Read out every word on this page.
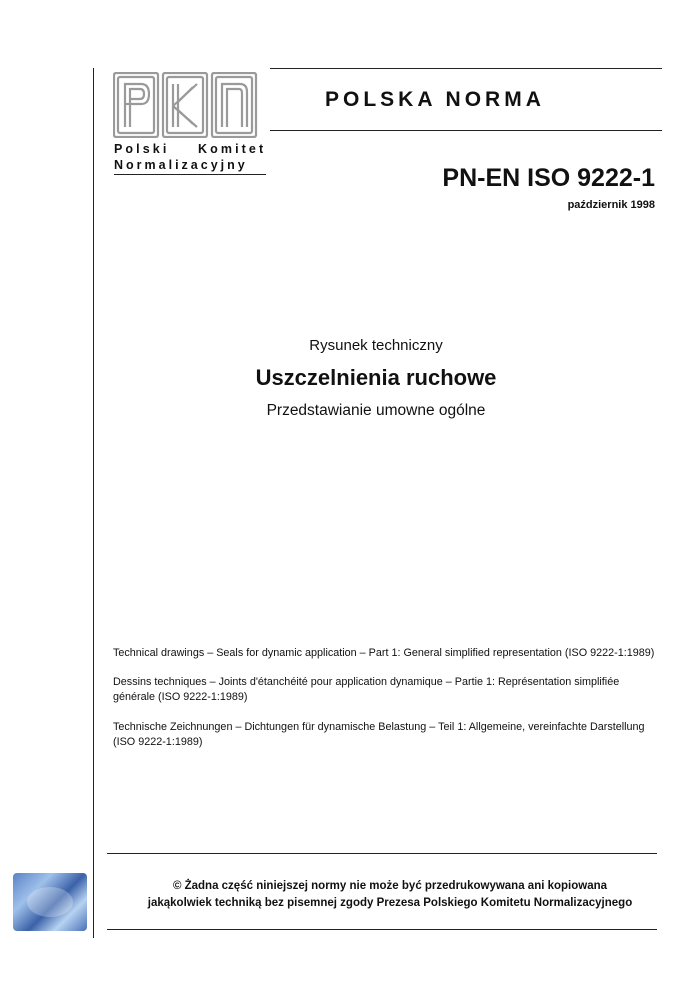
Polski Komitet
Normalizacyjny
POLSKA NORMA
PN-EN ISO 9222-1
październik 1998
Rysunek techniczny
Uszczelnienia ruchowe
Przedstawianie umowne ogólne
Technical drawings – Seals for dynamic application – Part 1: General simplified representation (ISO 9222-1:1989)
Dessins techniques – Joints d'étanchéité pour application dynamique – Partie 1: Représentation simplifiée générale (ISO 9222-1:1989)
Technische Zeichnungen – Dichtungen für dynamische Belastung – Teil 1: Allgemeine, vereinfachte Darstellung (ISO 9222-1:1989)
© Żadna część niniejszej normy nie może być przedrukowywana ani kopiowana
jakąkolwiek techniką bez pisemnej zgody Prezesa Polskiego Komitetu Normalizacyjnego
